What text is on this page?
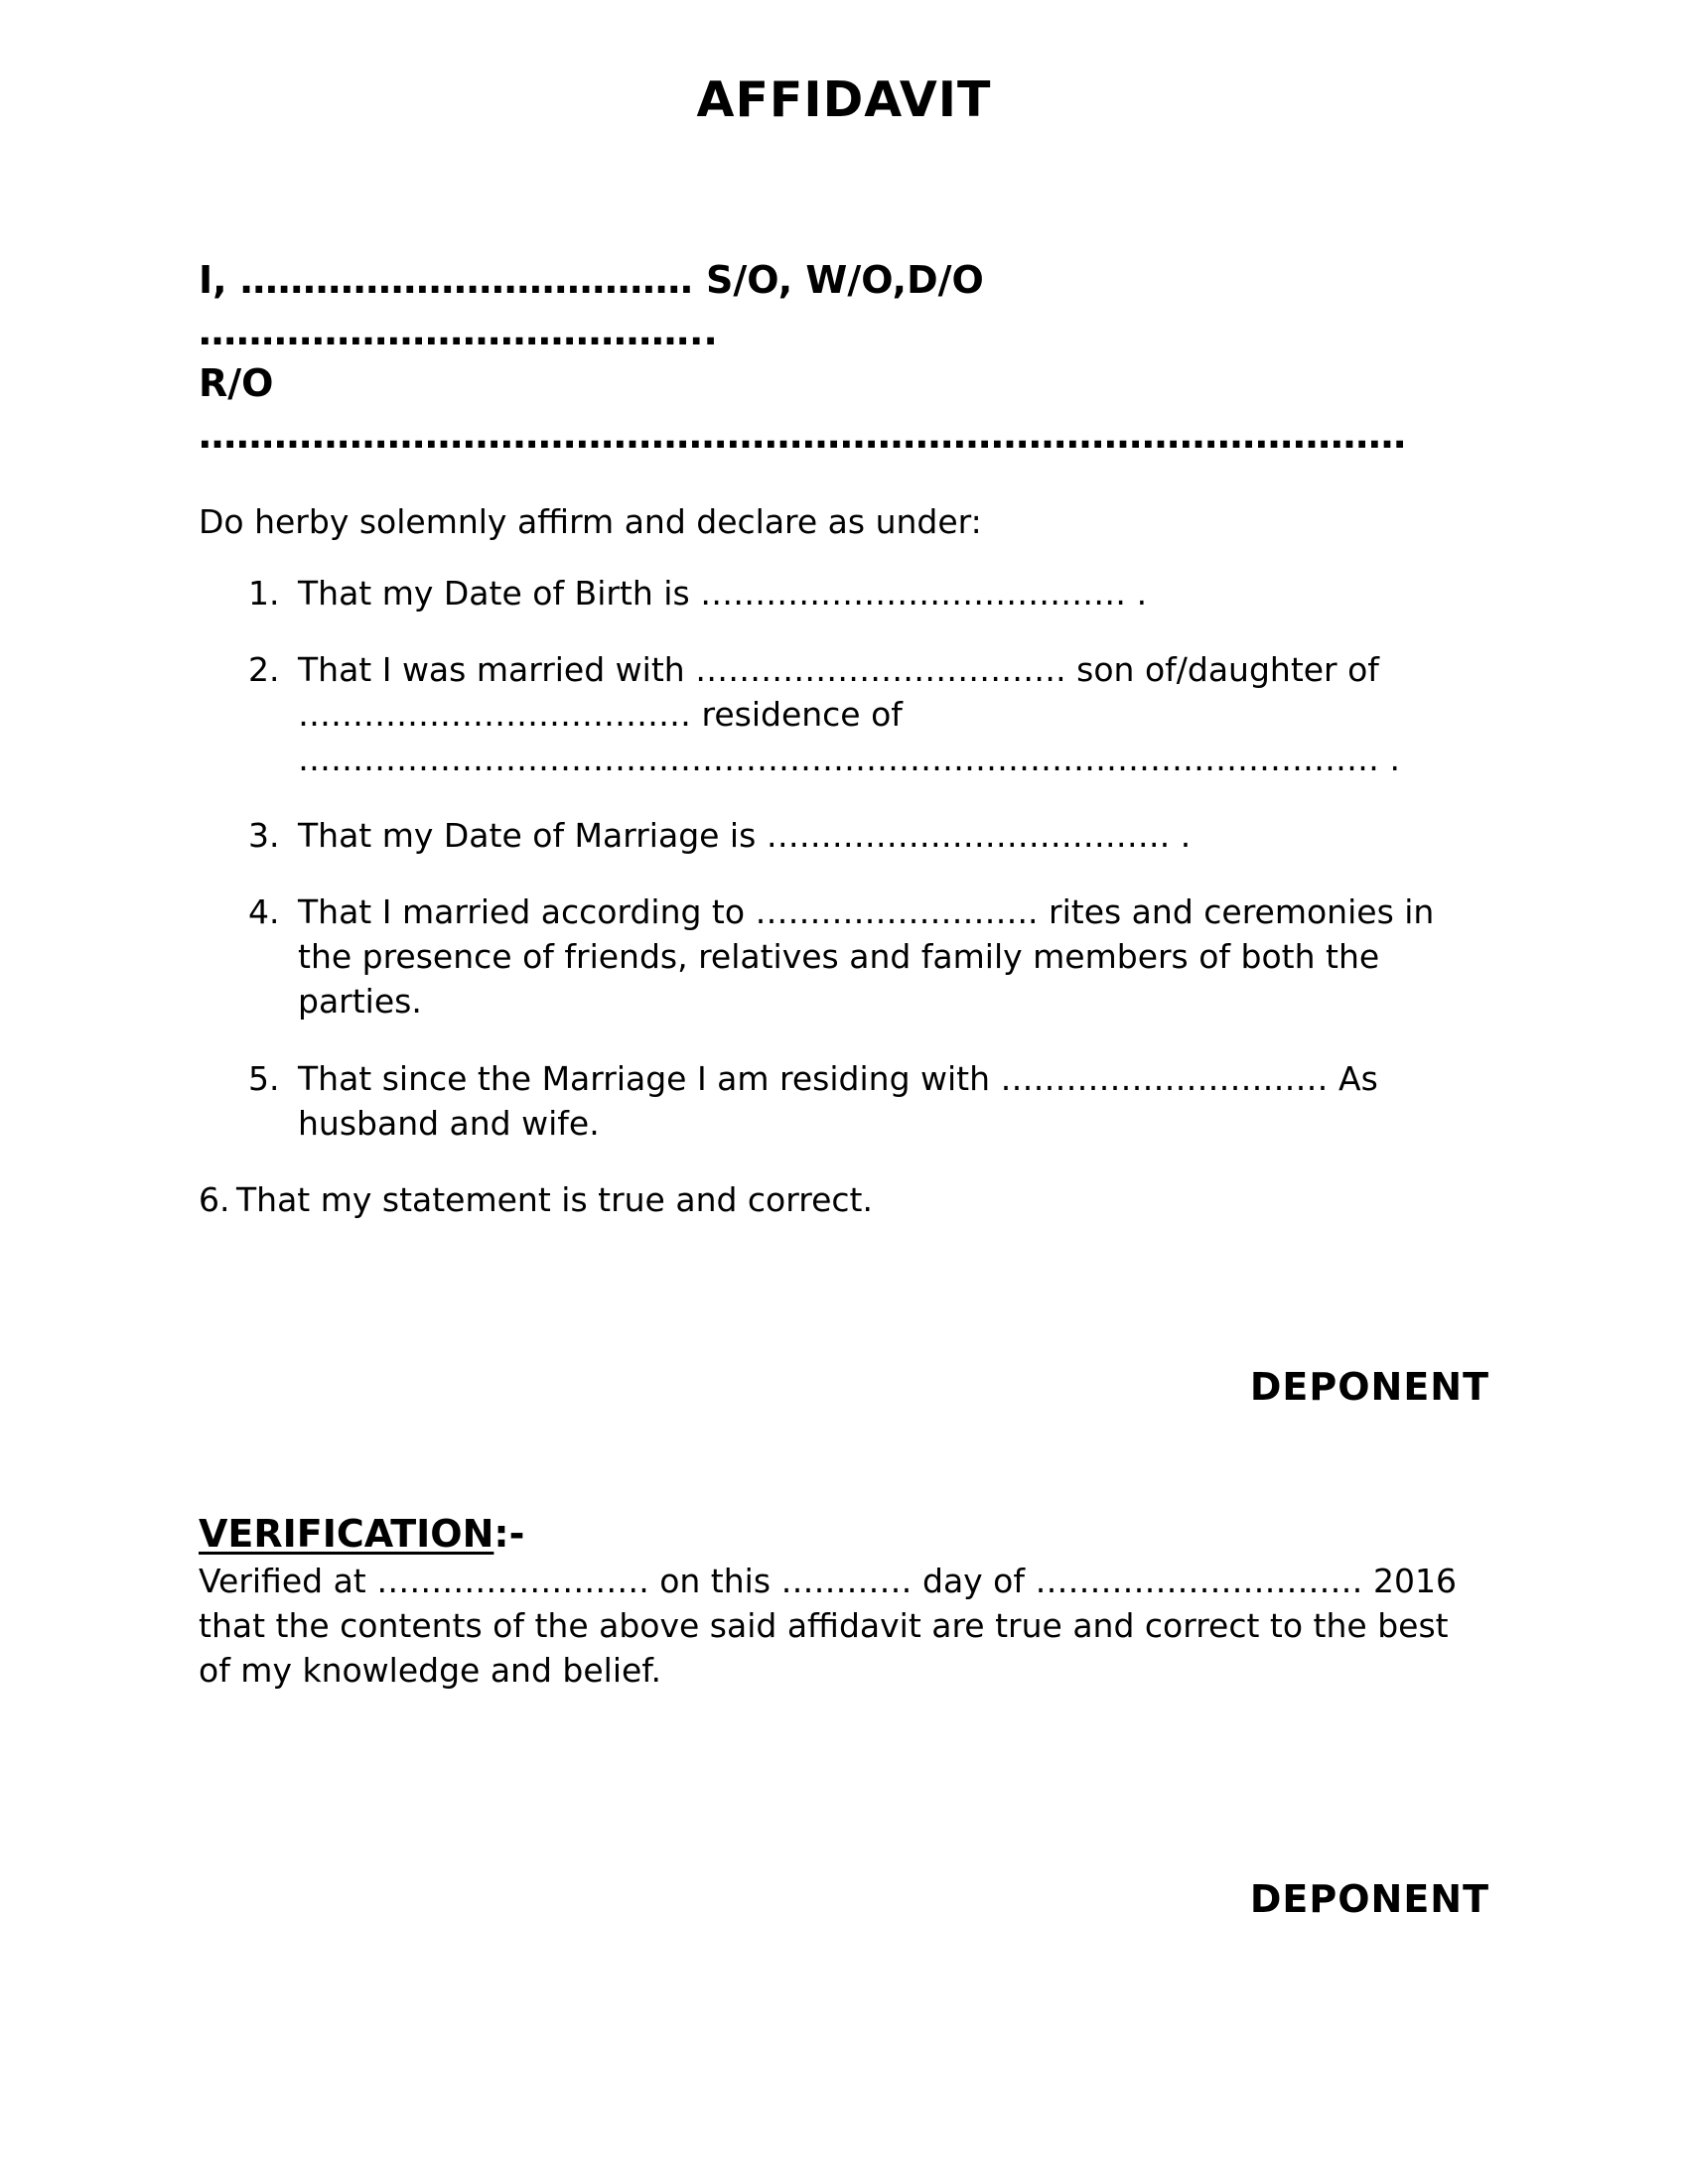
AFFIDAVIT
I, ……………………………… S/O, W/O,D/O
…………………………………..
R/O
……………………………………………………………………………………
Do herby solemnly affirm and declare as under:
1. That my Date of Birth is ………………………………… .
2. That I was married with ……………………………. son of/daughter of ……………………………… residence of ……………………………………………………………………………………… .
3. That my Date of Marriage is ………………………………. .
4. That I married according to …………………….. rites and ceremonies in the presence of friends, relatives and family members of both the parties.
5. That since the Marriage I am residing with ………………………… As husband and wife.
6. That my statement is true and correct.
DEPONENT
VERIFICATION:-
Verified at ……………………. on this ………… day of ………………………… 2016 that the contents of the above said affidavit are true and correct to the best of my knowledge and belief.
DEPONENT
